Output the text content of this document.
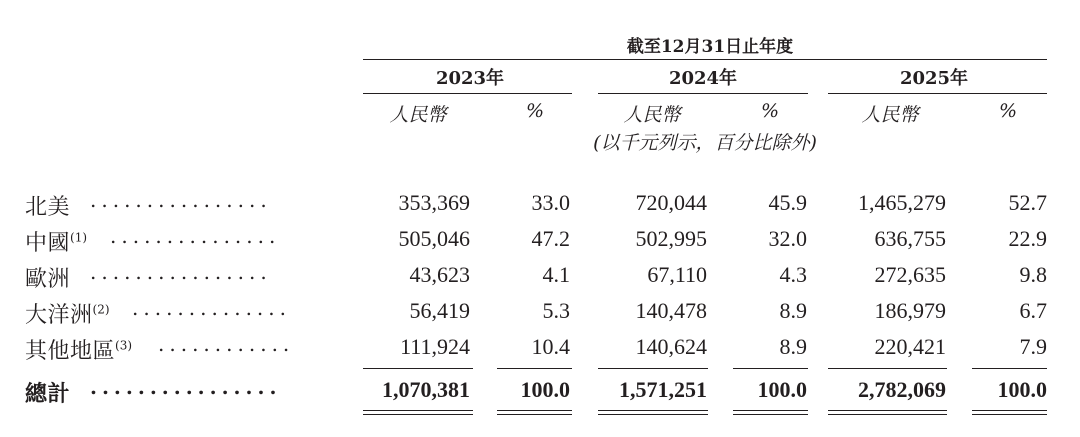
截至12月31日止年度
2023年	2024年	2025年
人民幣	%	人民幣	%	人民幣	%
(以千元列示，百分比除外)
北美 ................	353,369	33.0	720,044	45.9	1,465,279	52.7
中國$^{(1)}$ ...............	505,046	47.2	502,995	32.0	636,755	22.9
歐洲 ................	43,623	4.1	67,110	4.3	272,635	9.8
大洋洲$^{(2)}$ ..............	56,419	5.3	140,478	8.9	186,979	6.7
其他地區$^{(3)}$ ............	111,924	10.4	140,624	8.9	220,421	7.9
總計 ................	1,070,381	100.0	1,571,251	100.0	2,782,069	100.0
